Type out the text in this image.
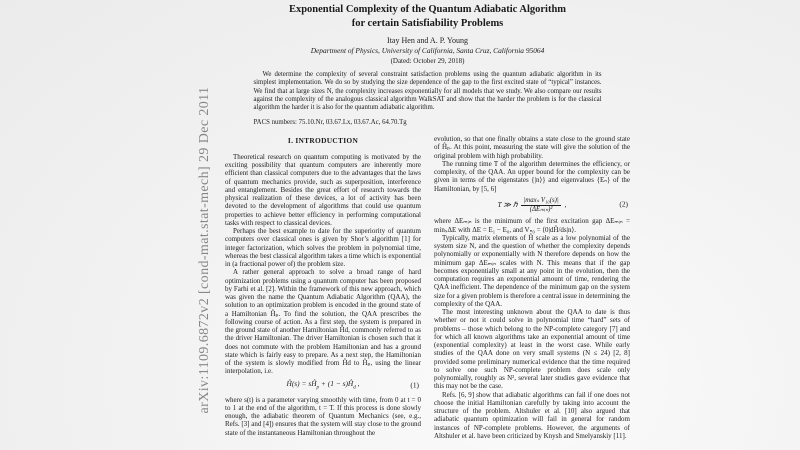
arXiv:1109.6872v2 [cond-mat.stat-mech] 29 Dec 2011
Exponential Complexity of the Quantum Adiabatic Algorithm
for certain Satisfiability Problems
Itay Hen and A. P. Young
Department of Physics, University of California, Santa Cruz, California 95064
(Dated: October 29, 2018)
We determine the complexity of several constraint satisfaction problems using the quantum adiabatic algorithm in its simplest implementation. We do so by studying the size dependence of the gap to the first excited state of “typical” instances. We find that at large sizes N, the complexity increases exponentially for all models that we study. We also compare our results against the complexity of the analogous classical algorithm WalkSAT and show that the harder the problem is for the classical algorithm the harder it is also for the quantum adiabatic algorithm.
PACS numbers: 75.10.Nr, 03.67.Lx, 03.67.Ac, 64.70.Tg
I. INTRODUCTION

Theoretical research on quantum computing is motivated by the exciting possibility that quantum computers are inherently more efficient than classical computers due to the advantages that the laws of quantum mechanics provide, such as superposition, interference and entanglement. Besides the great effort of research towards the physical realization of these devices, a lot of activity has been devoted to the development of algorithms that could use quantum properties to achieve better efficiency in performing computational tasks with respect to classical devices.

Perhaps the best example to date for the superiority of quantum computers over classical ones is given by Shor’s algorithm [1] for integer factorization, which solves the problem in polynomial time, whereas the best classical algorithm takes a time which is exponential in (a fractional power of) the problem size.

A rather general approach to solve a broad range of hard optimization problems using a quantum computer has been proposed by Farhi et al. [2]. Within the framework of this new approach, which was given the name the Quantum Adiabatic Algorithm (QAA), the solution to an optimization problem is encoded in the ground state of a Hamiltonian Ĥₚ. To find the solution, the QAA prescribes the following course of action. As a first step, the system is prepared in the ground state of another Hamiltonian Ĥd, commonly referred to as the driver Hamiltonian. The driver Hamiltonian is chosen such that it does not commute with the problem Hamiltonian and has a ground state which is fairly easy to prepare. As a next step, the Hamiltonian of the system is slowly modified from Ĥd to Ĥₚ, using the linear interpolation, i.e.

Ĥ(s) = $sĤ_p + (1$ − $s)Ĥ_d$ ,	(1)

where s(t) is a parameter varying smoothly with time, from 0 at t = 0 to 1 at the end of the algorithm, t = T. If this process is done slowly enough, the adiabatic theorem of Quantum Mechanics (see, e.g., Refs. [3] and [4]) ensures that the system will stay close to the ground state of the instantaneous Hamiltonian throughout the

evolution, so that one finally obtains a state close to the ground state of Ĥₚ. At this point, measuring the state will give the solution of the original problem with high probability.

The running time T of the algorithm determines the efficiency, or complexity, of the QAA. An upper bound for the complexity can be given in terms of the eigenstates {|n⟩} and eigenvalues {Eₙ} of the Hamiltonian, by [5, 6]

T ≫ ℏ $\frac{\text{|maxₛ V₁₀(s)|}}{\text{(ΔEₘᵢₙ)²}}$ ,	(2)

where ΔEₘᵢₙ is the minimum of the first excitation gap ΔEₘᵢₙ = minₛΔE with ΔE = E₁ − E₀, and Vₙ₀ = ⟨0|dĤ/ds|n⟩.

Typically, matrix elements of Ĥ scale as a low polynomial of the system size N, and the question of whether the complexity depends polynomially or exponentially with N therefore depends on how the minimum gap ΔEₘᵢₙ scales with N. This means that if the gap becomes exponentially small at any point in the evolution, then the computation requires an exponential amount of time, rendering the QAA inefficient. The dependence of the minimum gap on the system size for a given problem is therefore a central issue in determining the complexity of the QAA.

The most interesting unknown about the QAA to date is thus whether or not it could solve in polynomial time “hard” sets of problems – those which belong to the NP-complete category [7] and for which all known algorithms take an exponential amount of time (exponential complexity) at least in the worst case. While early studies of the QAA done on very small systems (N ≤ 24) [2, 8] provided some preliminary numerical evidence that the time required to solve one such NP-complete problem does scale only polynomially, roughly as N², several later studies gave evidence that this may not be the case.

Refs. [6, 9] show that adiabatic algorithms can fail if one does not choose the initial Hamiltonian carefully by taking into account the structure of the problem. Altshuler et al. [10] also argued that adiabatic quantum optimization will fail in general for random instances of NP-complete problems. However, the arguments of Altshuler et al. have been criticized by Knysh and Smelyanskiy [11].
